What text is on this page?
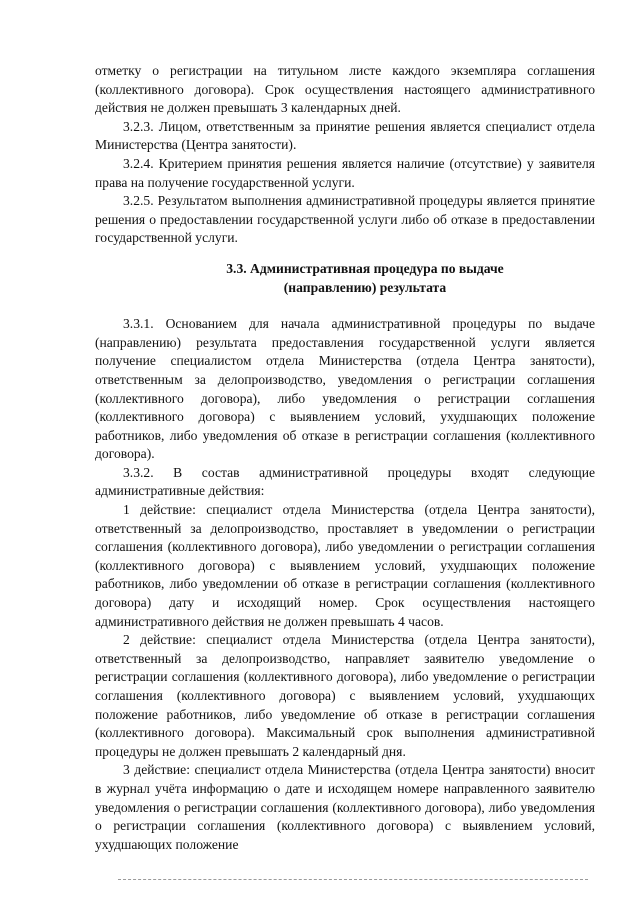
отметку о регистрации на титульном листе каждого экземпляра соглашения (коллективного договора). Срок осуществления настоящего административного действия не должен превышать 3 календарных дней.

3.2.3. Лицом, ответственным за принятие решения является специалист отдела Министерства (Центра занятости).

3.2.4. Критерием принятия решения является наличие (отсутствие) у заявителя права на получение государственной услуги.

3.2.5. Результатом выполнения административной процедуры является принятие решения о предоставлении государственной услуги либо об отказе в предоставлении государственной услуги.

3.3. Административная процедура по выдаче

(направлению) результата

3.3.1. Основанием для начала административной процедуры по выдаче (направлению) результата предоставления государственной услуги является получение специалистом отдела Министерства (отдела Центра занятости), ответственным за делопроизводство, уведомления о регистрации соглашения (коллективного договора), либо уведомления о регистрации соглашения (коллективного договора) с выявлением условий, ухудшающих положение работников, либо уведомления об отказе в регистрации соглашения (коллективного договора).

3.3.2. В состав административной процедуры входят следующие административные действия:

1 действие: специалист отдела Министерства (отдела Центра занятости), ответственный за делопроизводство, проставляет в уведомлении о регистрации соглашения (коллективного договора), либо уведомлении о регистрации соглашения (коллективного договора) с выявлением условий, ухудшающих положение работников, либо уведомлении об отказе в регистрации соглашения (коллективного договора) дату и исходящий номер. Срок осуществления настоящего административного действия не должен превышать 4 часов.

2 действие: специалист отдела Министерства (отдела Центра занятости), ответственный за делопроизводство, направляет заявителю уведомление о регистрации соглашения (коллективного договора), либо уведомление о регистрации соглашения (коллективного договора) с выявлением условий, ухудшающих положение работников, либо уведомление об отказе в регистрации соглашения (коллективного договора). Максимальный срок выполнения административной процедуры не должен превышать 2 календарный дня.

3 действие: специалист отдела Министерства (отдела Центра занятости) вносит в журнал учёта информацию о дате и исходящем номере направленного заявителю уведомления о регистрации соглашения (коллективного договора), либо уведомления о регистрации соглашения (коллективного договора) с выявлением условий, ухудшающих положение
